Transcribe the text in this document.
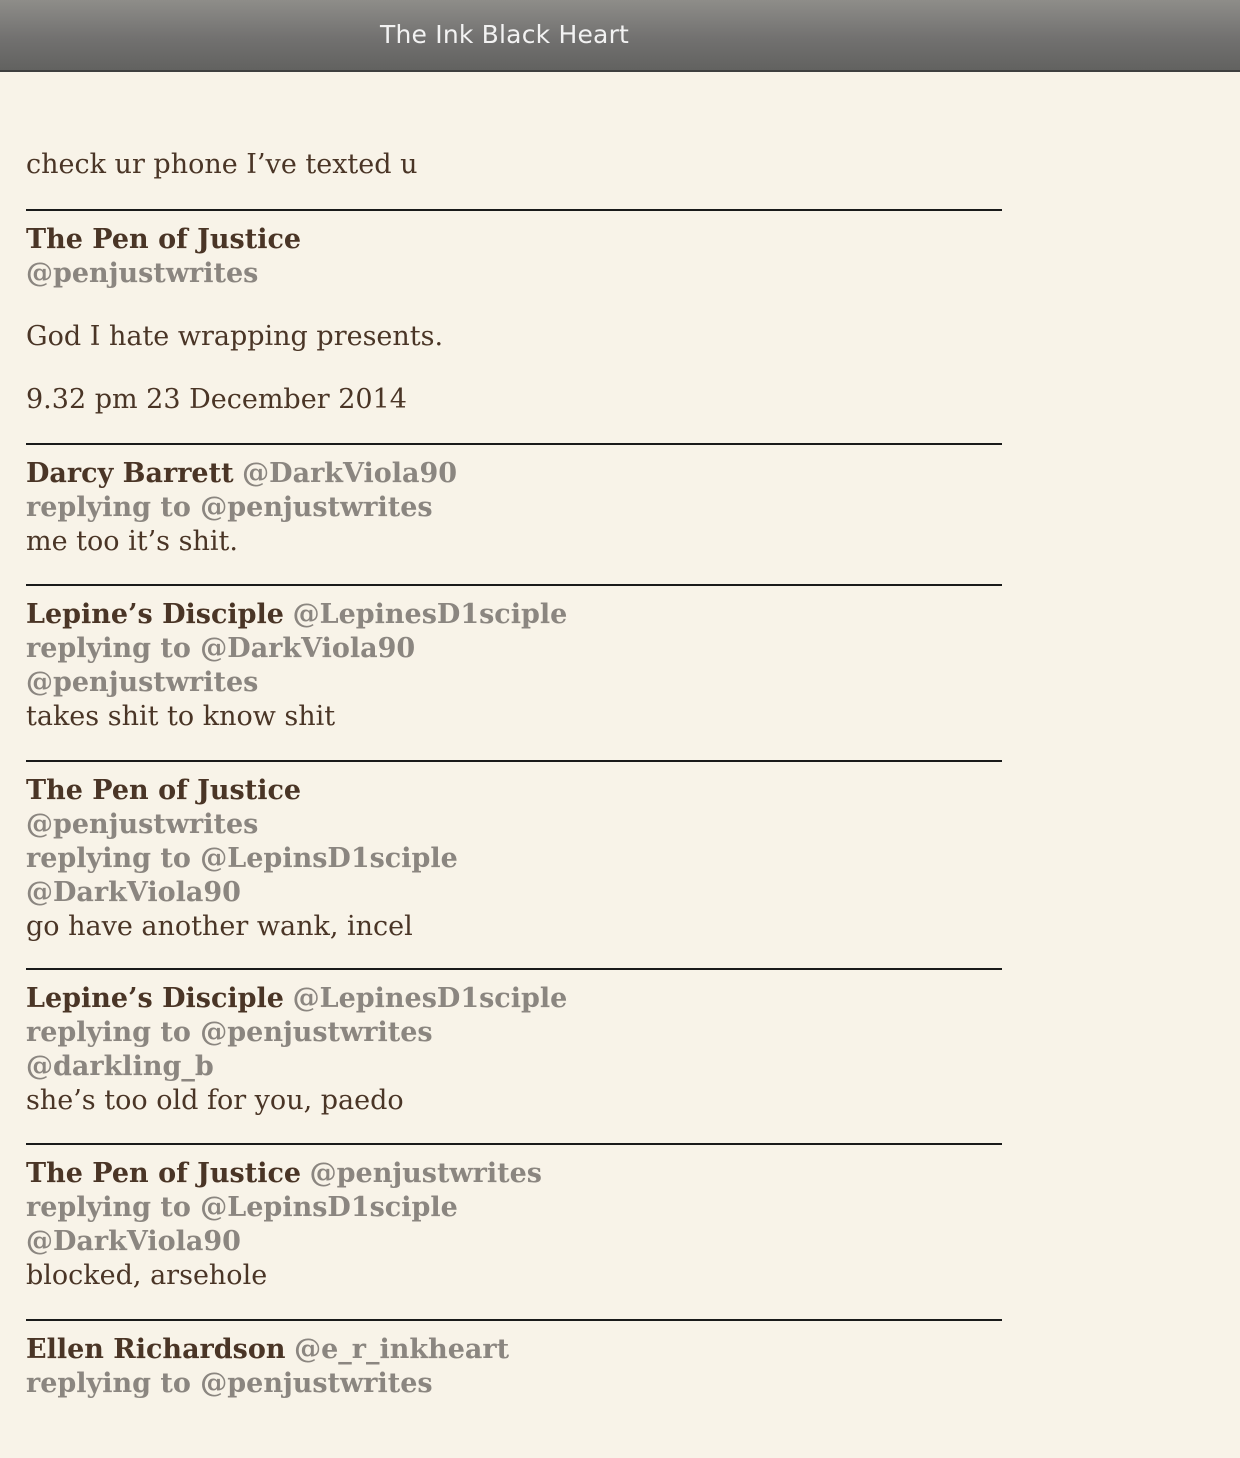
The Ink Black Heart
check ur phone I’ve texted u
The Pen of Justice
@penjustwrites
God I hate wrapping presents.
9.32 pm 23 December 2014
Darcy Barrett @DarkViola90
replying to @penjustwrites
me too it’s shit.
Lepine’s Disciple @LepinesD1sciple
replying to @DarkViola90
@penjustwrites
takes shit to know shit
The Pen of Justice
@penjustwrites
replying to @LepinsD1sciple
@DarkViola90
go have another wank, incel
Lepine’s Disciple @LepinesD1sciple
replying to @penjustwrites
@darkling_b
she’s too old for you, paedo
The Pen of Justice @penjustwrites
replying to @LepinsD1sciple
@DarkViola90
blocked, arsehole
Ellen Richardson @e_r_inkheart
replying to @penjustwrites
